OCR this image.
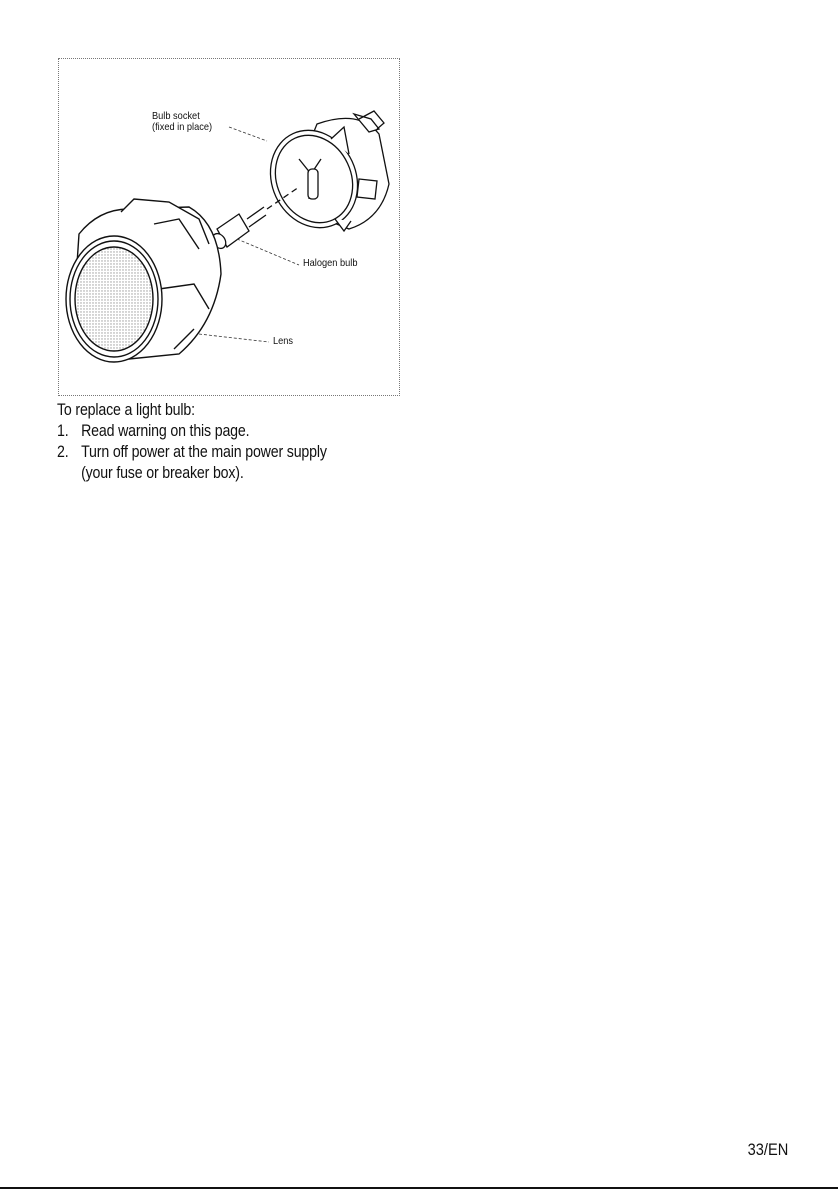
Bulb socket
(fixed in place)
Halogen bulb
Lens
To replace a light bulb:
1. Read warning on this page.
2. Turn off power at the main power supply
(your fuse or breaker box).
33/EN
